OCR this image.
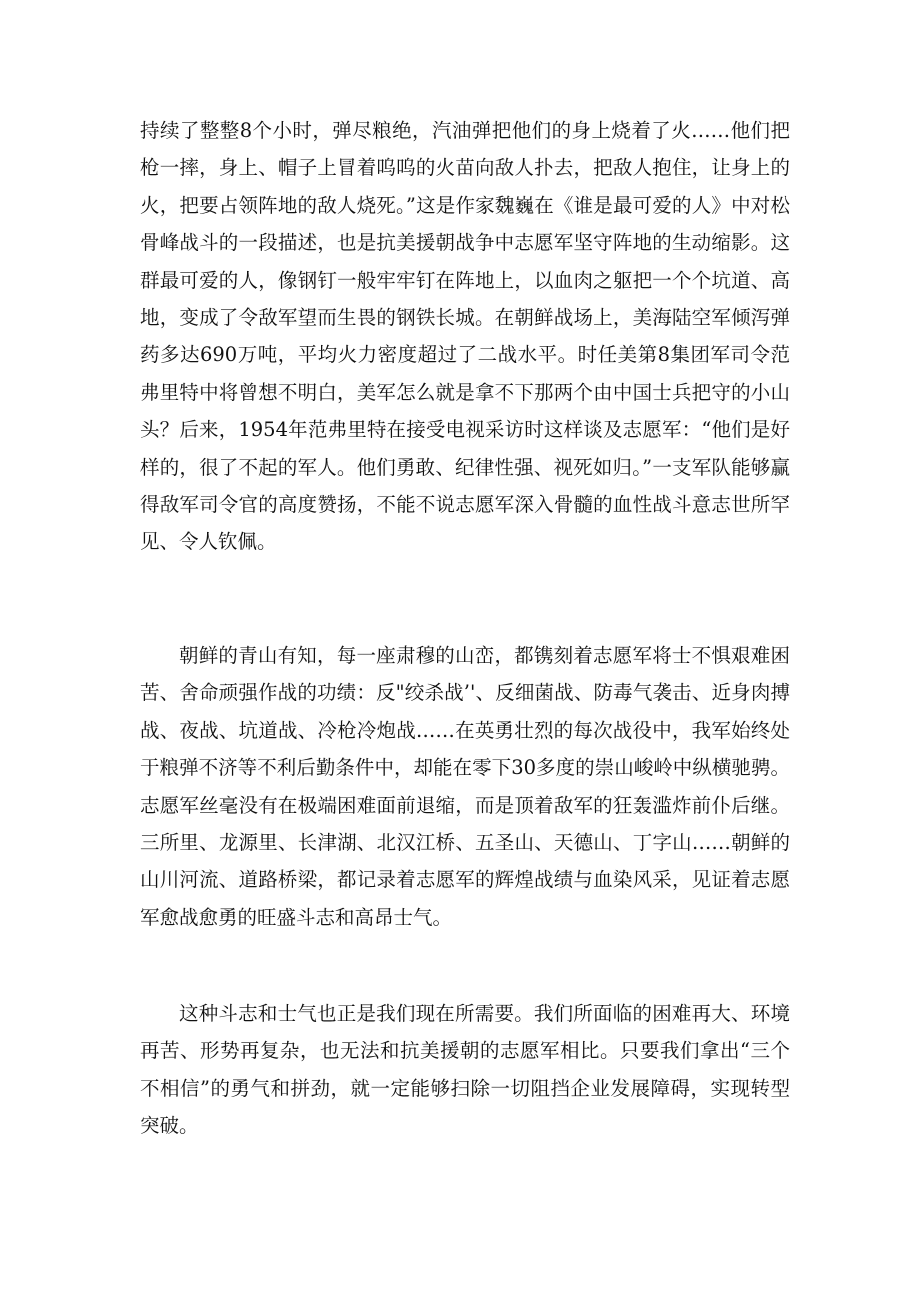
持续了整整8个小时，弹尽粮绝，汽油弹把他们的身上烧着了火……他们把枪一摔，身上、帽子上冒着呜呜的火苗向敌人扑去，把敌人抱住，让身上的火，把要占领阵地的敌人烧死。”这是作家魏巍在《谁是最可爱的人》中对松骨峰战斗的一段描述，也是抗美援朝战争中志愿军坚守阵地的生动缩影。这群最可爱的人，像钢钉一般牢牢钉在阵地上，以血肉之躯把一个个坑道、高地，变成了令敌军望而生畏的钢铁长城。在朝鲜战场上，美海陆空军倾泻弹药多达690万吨，平均火力密度超过了二战水平。时任美第8集团军司令范弗里特中将曾想不明白，美军怎么就是拿不下那两个由中国士兵把守的小山头？后来，1954年范弗里特在接受电视采访时这样谈及志愿军：“他们是好样的，很了不起的军人。他们勇敢、纪律性强、视死如归。”一支军队能够赢得敌军司令官的高度赞扬，不能不说志愿军深入骨髓的血性战斗意志世所罕见、令人钦佩。

朝鲜的青山有知，每一座肃穆的山峦，都镌刻着志愿军将士不惧艰难困苦、舍命顽强作战的功绩：反"绞杀战’'、反细菌战、防毒气袭击、近身肉搏战、夜战、坑道战、冷枪冷炮战……在英勇壮烈的每次战役中，我军始终处于粮弹不济等不利后勤条件中，却能在零下30多度的崇山峻岭中纵横驰骋。志愿军丝毫没有在极端困难面前退缩，而是顶着敌军的狂轰滥炸前仆后继。三所里、龙源里、长津湖、北汉江桥、五圣山、天德山、丁字山……朝鲜的山川河流、道路桥梁，都记录着志愿军的辉煌战绩与血染风采，见证着志愿军愈战愈勇的旺盛斗志和高昂士气。

这种斗志和士气也正是我们现在所需要。我们所面临的困难再大、环境再苦、形势再复杂，也无法和抗美援朝的志愿军相比。只要我们拿出“三个不相信”的勇气和拼劲，就一定能够扫除一切阻挡企业发展障碍，实现转型突破。
